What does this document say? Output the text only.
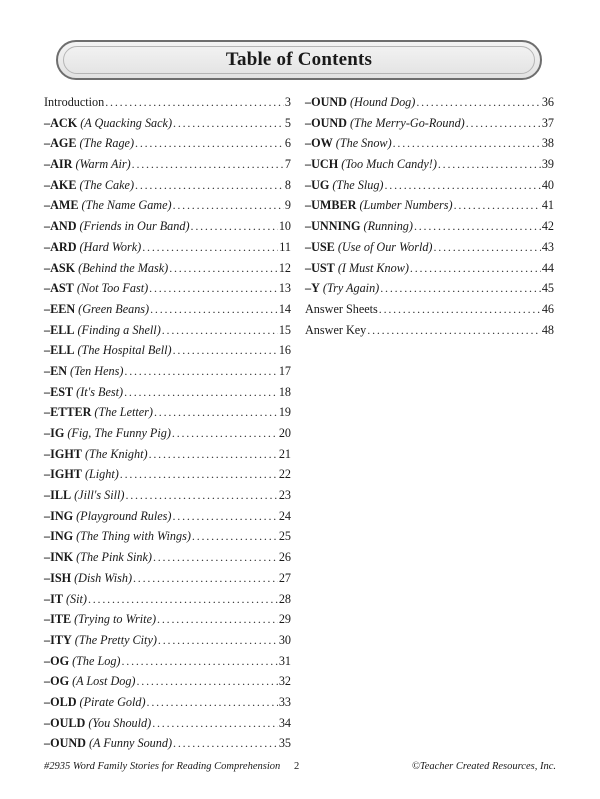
Table of Contents
Introduction . . .	3
–ACK (A Quacking Sack) . . .	5
–AGE (The Rage) . . .	6
–AIR (Warm Air) . . .	7
–AKE (The Cake) . . .	8
–AME (The Name Game) . . .	9
–AND (Friends in Our Band) . . .	10
–ARD (Hard Work) . . .	11
–ASK (Behind the Mask) . . .	12
–AST (Not Too Fast) . . .	13
–EEN (Green Beans) . . .	14
–ELL (Finding a Shell) . . .	15
–ELL (The Hospital Bell) . . .	16
–EN (Ten Hens) . . .	17
–EST (It's Best) . . .	18
–ETTER (The Letter) . . .	19
–IG (Fig, The Funny Pig) . . .	20
–IGHT (The Knight) . . .	21
–IGHT (Light) . . .	22
–ILL (Jill's Sill) . . .	23
–ING (Playground Rules) . . .	24
–ING (The Thing with Wings) . . .	25
–INK (The Pink Sink) . . .	26
–ISH (Dish Wish) . . .	27
–IT (Sit) . . .	28
–ITE (Trying to Write) . . .	29
–ITY (The Pretty City) . . .	30
–OG (The Log) . . .	31
–OG (A Lost Dog) . . .	32
–OLD (Pirate Gold) . . .	33
–OULD (You Should) . . .	34
–OUND (A Funny Sound) . . .	35
–OUND (Hound Dog) . . .	36
–OUND (The Merry-Go-Round) . . .	37
–OW (The Snow) . . .	38
–UCH (Too Much Candy!) . . .	39
–UG (The Slug) . . .	40
–UMBER (Lumber Numbers) . . .	41
–UNNING (Running) . . .	42
–USE (Use of Our World) . . .	43
–UST (I Must Know) . . .	44
–Y (Try Again) . . .	45
Answer Sheets . . .	46
Answer Key . . .	48
#2935 Word Family Stories for Reading Comprehension 2	©Teacher Created Resources, Inc.
